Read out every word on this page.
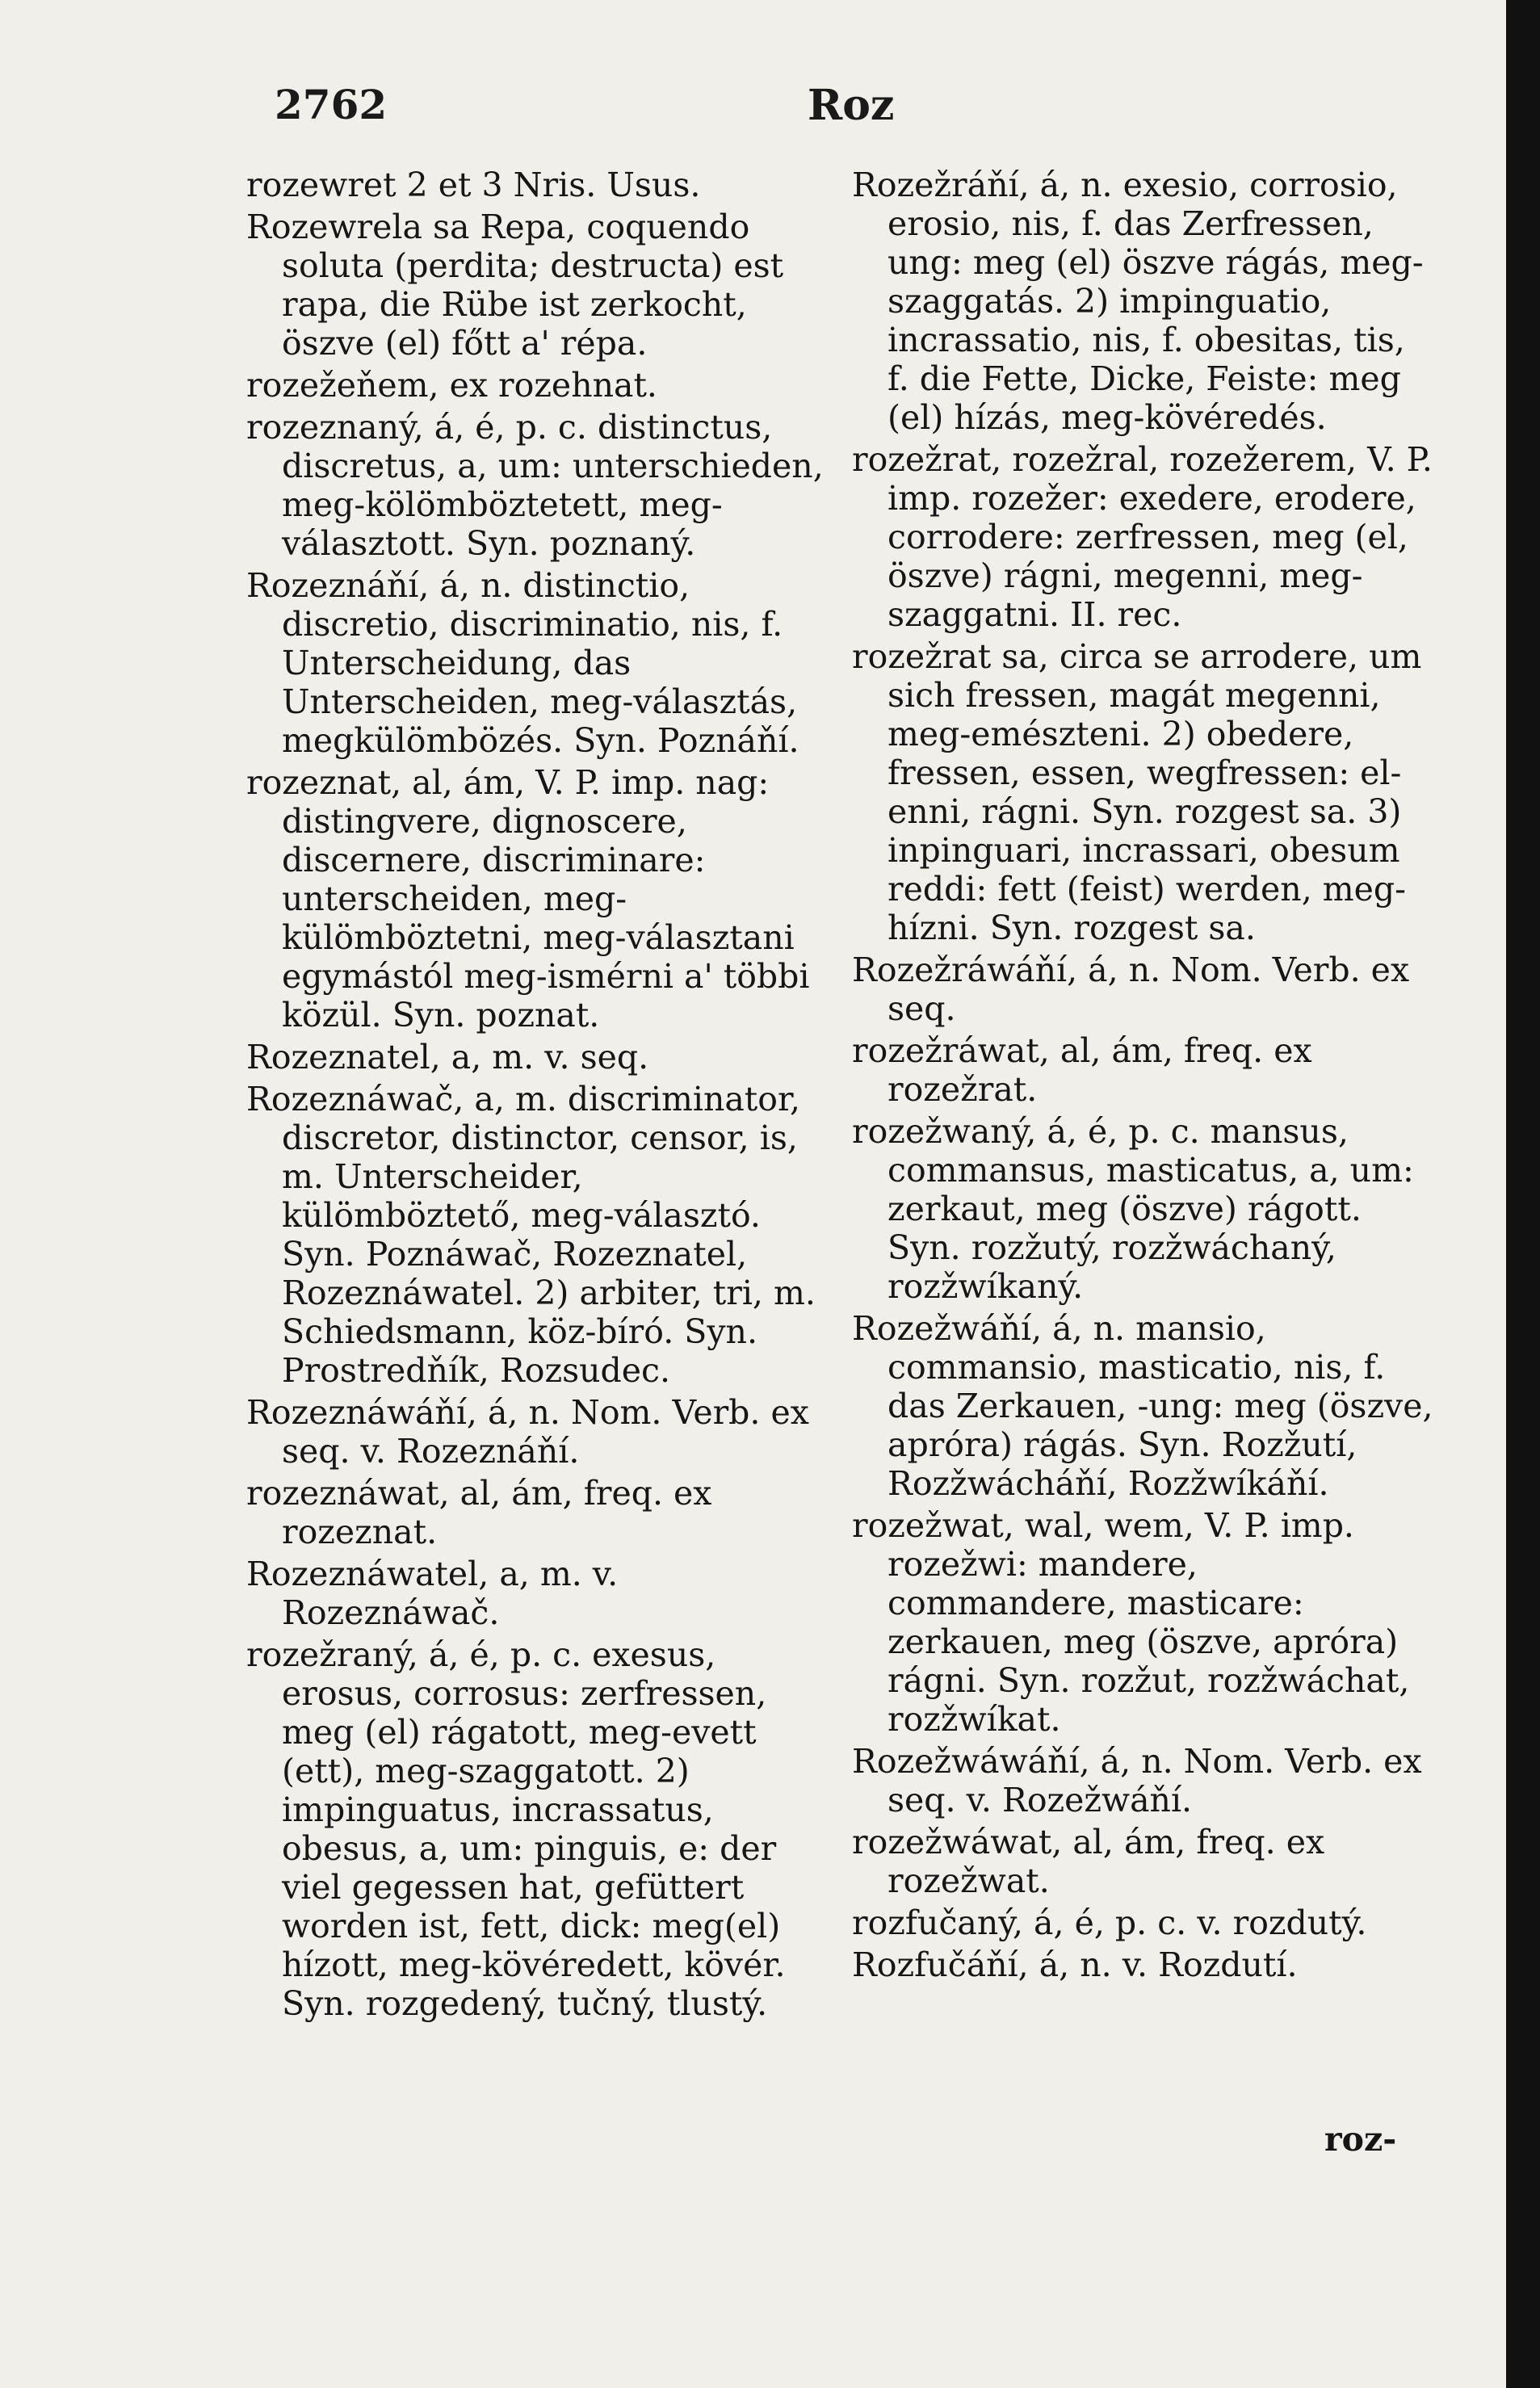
2762	Roz

rozewret 2 et 3 Nris. Usus.

Rozewrela sa Repa, coquendo soluta (perdita; destructa) est rapa, die Rübe ist zerkocht, öszve (el) főtt a' répa.

rozežeňem, ex rozehnat.

rozeznaný, á, é, p. c. distinctus, discretus, a, um: unterschieden, meg-kölömböztetett, meg-választott. Syn. poznaný.

Rozeznáňí, á, n. distinctio, discretio, discriminatio, nis, f. Unterscheidung, das Unterscheiden, meg-választás, megkülömbözés. Syn. Poznáňí.

rozeznat, al, ám, V. P. imp. nag: distingvere, dignoscere, discernere, discriminare: unterscheiden, meg-külömböztetni, meg-választani egymástól meg-ismérni a' többi közül. Syn. poznat.

Rozeznatel, a, m. v. seq.

Rozeznáwač, a, m. discriminator, discretor, distinctor, censor, is, m. Unterscheider, külömböztető, meg-választó. Syn. Poznáwač, Rozeznatel, Rozeznáwatel. 2) arbiter, tri, m. Schiedsmann, köz-bíró. Syn. Prostredňík, Rozsudec.

Rozeznáwáňí, á, n. Nom. Verb. ex seq. v. Rozeznáňí.

rozeznáwat, al, ám, freq. ex rozeznat.

Rozeznáwatel, a, m. v. Rozeznáwač.

rozežraný, á, é, p. c. exesus, erosus, corrosus: zerfressen, meg (el) rágatott, meg-evett (ett), meg-szaggatott. 2) impinguatus, incrassatus, obesus, a, um: pinguis, e: der viel gegessen hat, gefüttert worden ist, fett, dick: meg(el) hízott, meg-kövéredett, kövér. Syn. rozgedený, tučný, tlustý.

Rozežráňí, á, n. exesio, corrosio, erosio, nis, f. das Zerfressen, ung: meg (el) öszve rágás, meg-szaggatás. 2) impinguatio, incrassatio, nis, f. obesitas, tis, f. die Fette, Dicke, Feiste: meg (el) hízás, meg-kövéredés.

rozežrat, rozežral, rozežerem, V. P. imp. rozežer: exedere, erodere, corrodere: zerfressen, meg (el, öszve) rágni, megenni, meg-szaggatni. II. rec.

rozežrat sa, circa se arrodere, um sich fressen, magát megenni, meg-emészteni. 2) obedere, fressen, essen, wegfressen: el-enni, rágni. Syn. rozgest sa. 3) inpinguari, incrassari, obesum reddi: fett (feist) werden, meg-hízni. Syn. rozgest sa.

Rozežráwáňí, á, n. Nom. Verb. ex seq.

rozežráwat, al, ám, freq. ex rozežrat.

rozežwaný, á, é, p. c. mansus, commansus, masticatus, a, um: zerkaut, meg (öszve) rágott. Syn. rozžutý, rozžwáchaný, rozžwíkaný.

Rozežwáňí, á, n. mansio, commansio, masticatio, nis, f. das Zerkauen, -ung: meg (öszve, apróra) rágás. Syn. Rozžutí, Rozžwácháňí, Rozžwíkáňí.

rozežwat, wal, wem, V. P. imp. rozežwi: mandere, commandere, masticare: zerkauen, meg (öszve, apróra) rágni. Syn. rozžut, rozžwáchat, rozžwíkat.

Rozežwáwáňí, á, n. Nom. Verb. ex seq. v. Rozežwáňí.

rozežwáwat, al, ám, freq. ex rozežwat.

rozfučaný, á, é, p. c. v. rozdutý.

Rozfučáňí, á, n. v. Rozdutí.

roz-
